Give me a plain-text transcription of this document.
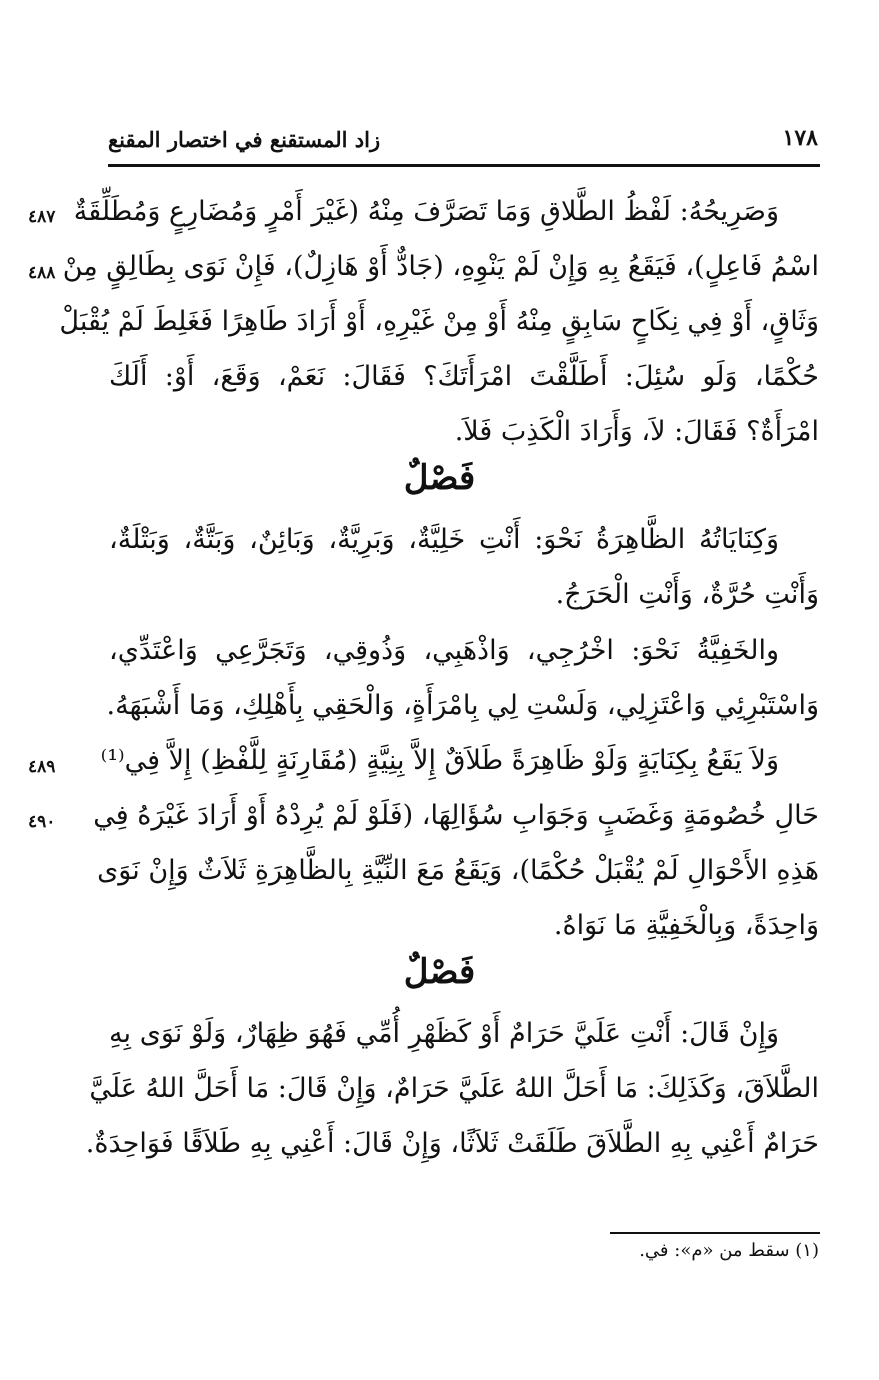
زاد المستقنع في اختصار المقنع	١٧٨
وَصَرِيحُهُ: لَفْظُ الطَّلاقِ وَمَا تَصَرَّفَ مِنْهُ (غَيْرَ أَمْرٍ وَمُضَارِعٍ وَمُطَلِّقَةٌ
اسْمُ فَاعِلٍ)، فَيَقَعُ بِهِ وَإِنْ لَمْ يَنْوِهِ، (جَادٌّ أَوْ هَازِلٌ)، فَإِنْ نَوَى بِطَالِقٍ مِنْ
وَثَاقٍ، أَوْ فِي نِكَاحٍ سَابِقٍ مِنْهُ أَوْ مِنْ غَيْرِهِ، أَوْ أَرَادَ طَاهِرًا فَغَلِطَ لَمْ يُقْبَلْ
حُكْمًا، وَلَو سُئِلَ: أَطَلَّقْتَ امْرَأَتَكَ؟ فَقَالَ: نَعَمْ، وَقَعَ، أَوْ: أَلَكَ
امْرَأَةٌ؟ فَقَالَ: لاَ، وَأَرَادَ الْكَذِبَ فَلاَ.
فَصْلٌ
وَكِنَايَاتُهُ الظَّاهِرَةُ نَحْوَ: أَنْتِ خَلِيَّةٌ، وَبَرِيَّةٌ، وَبَائِنٌ، وَبَتَّةٌ، وَبَتْلَةٌ،
وَأَنْتِ حُرَّةٌ، وَأَنْتِ الْحَرَجُ.
والخَفِيَّةُ نَحْوَ: اخْرُجِي، وَاذْهَبِي، وَذُوقِي، وَتَجَرَّعِي وَاعْتَدِّي،
وَاسْتَبْرِئِي وَاعْتَزِلِي، وَلَسْتِ لِي بِامْرَأَةٍ، وَالْحَقِي بِأَهْلِكِ، وَمَا أَشْبَهَهُ.
وَلاَ يَقَعُ بِكِنَايَةٍ وَلَوْ ظَاهِرَةً طَلاَقٌ إِلاَّ بِنِيَّةٍ (مُقَارِنَةٍ لِلَّفْظِ) إِلاَّ فِي⁽¹⁾
حَالِ خُصُومَةٍ وَغَضَبٍ وَجَوَابِ سُؤَالِهَا، (فَلَوْ لَمْ يُرِدْهُ أَوْ أَرَادَ غَيْرَهُ فِي
هَذِهِ الأَحْوَالِ لَمْ يُقْبَلْ حُكْمًا)، وَيَقَعُ مَعَ النِّيَّةِ بِالظَّاهِرَةِ ثَلاَثٌ وَإِنْ نَوَى
وَاحِدَةً، وَبِالْخَفِيَّةِ مَا نَوَاهُ.
فَصْلٌ
وَإِنْ قَالَ: أَنْتِ عَلَيَّ حَرَامٌ أَوْ كَظَهْرِ أُمِّي فَهُوَ ظِهَارٌ، وَلَوْ نَوَى بِهِ
الطَّلاَقَ، وَكَذَلِكَ: مَا أَحَلَّ اللهُ عَلَيَّ حَرَامٌ، وَإِنْ قَالَ: مَا أَحَلَّ اللهُ عَلَيَّ
حَرَامٌ أَعْنِي بِهِ الطَّلاَقَ طَلَقَتْ ثَلاَثًا، وَإِنْ قَالَ: أَعْنِي بِهِ طَلاَقًا فَوَاحِدَةٌ.
٤٨٧
٤٨٨
٤٨٩
٤٩٠
(١) سقط من «م»: في.
